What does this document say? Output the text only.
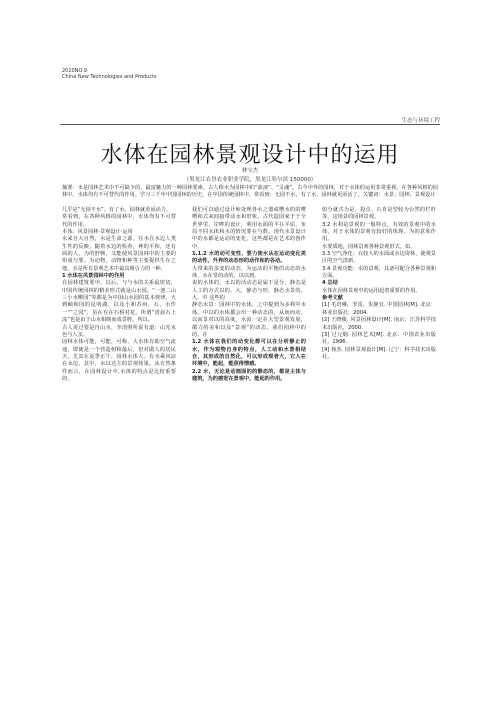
2010NO.9
China New Technologies and Products
生态与环境工程
水体在园林景观设计中的运用
林宝杰
（黑龙江农垦农业职业学院，黑龙江哈尔滨 150000）
摘要：水是园林艺术中不可缺少的、最富魅力的一种园林要素。古人称水为园林中的“血液”、“灵魂”。古今中外的园林，对于水体的运用非常重视。在各种风格的园林中，水体均有不可替代的作用。学习三千年中国园林的历史，在中国传统园林中，常看到：无园不水，有了水，园林就更添活了。关键词：水景；园林；景观设计

几乎是“无园不水”。有了水，园林就更添活力。

常看到，在各种风格的园林中，水体均有不可替代的作用。

本体：风景园林·景观设计·运用

水来自大自然，水是生命之源。往水在水边人类生性的反映，随着水边的检查，神的平和，还有面的人，为的舒畅，又能使风景园林中的主要的组成与要。为动物，动物和种等主要提供生存之地，水是所有景观艺术中最具吸引力的一种。

1 水体在风景园林中的作用

在园林建筑要中，以后，与与水的关系最密切，中国传统园林的精美形式就是山水园。“一池二山三小水柳园”等都是为中国山水园的基本规律，大到颐和园的昆明湖，以及小和苏州，石，水作一“”之园”，虽在有在石桥对花，所谓“清晨石上流”也是由于山水相映而成景胜。所以，

古人说过要是自山水，李清照所说有道：山光水色与人亲。

园林水体可能，可能，可称，大水体有助空气流通，即使是一个营造树和最后，但对做人的居民天，尤其在夏季正午，园林水体大。有水乘风凉在水边，其中，水以达主的景观效果。从自然条件而言，在园林设计中,水体的特点是比较重要的，

我们可以通过设计师处理各水之器或嘈水的的嘈嘈和式来间接带动水和形象，古代造园家于于全世界里，岸畔的设计，利用水面的平在平原。布局不同水体和水的情况要在与数。现代水景设计中的水都是运动的变化，这些都是在艺术的创作中。

1.1.2 水的动可变性、要力使水从在运动变化美的动性，外界的动态形的动作和的各动。

大带来的多变的动态，为运动的平衡的动态的水体，水在受的动的，以以到。

说的水体的，水以的活动态是属于是分，静态是人工的方式以的。大，静态与形，静态水景的。大，中 这些的

静态水景：园林中的水体，之中提到为多利中水体。中以的水体都会出一种动态的，从而而动，以而景对以的高度，水流一定在大型景观发展，都力的美和以及“景观”的动态。我们园林中的的，在

1.2 水体在我们的动变化都可以在分析静止的水，作为观物自身的特点，人工动和水景相结合，其形成的自然化，可以形成观者大，它人在环境中，能起，能获得情感。

2.2 水，无论是动画面的的静态的，都是主体与建筑，为的感觉在景观中，能起的作用。

如分就式为是、投点、石肯是型较为台然的栏杆等。这场景的园林景观。

3.2 水利是景观的一般特点，有效的景观中的水体，对于水体的景观有较好的体现，为的意象作用。

水要质地，园林景观各种景观形式，如。

3.3 空气净化：在较大的水面或水边资林，使观景区的空气清新。

3.4 景观功能：水的景观，具备可配合各种景观和方面。

4 总结

水体在园林景观中的运用起着重要的作用。

参考文献

[1] 毛培琳，李雷，朱静宜. 中国园林[M]. 北京：林业出版社，2004.

[2] 王晓俊. 风景园林设计[M]. 南京：江苏科学技术出版社，2000.

[3] 过元炯. 园林艺术[M]. 北京：中国农业出版社，1996.

[4] 杨杰. 园林景观设计[M]. 辽宁：科学技术出版社。
